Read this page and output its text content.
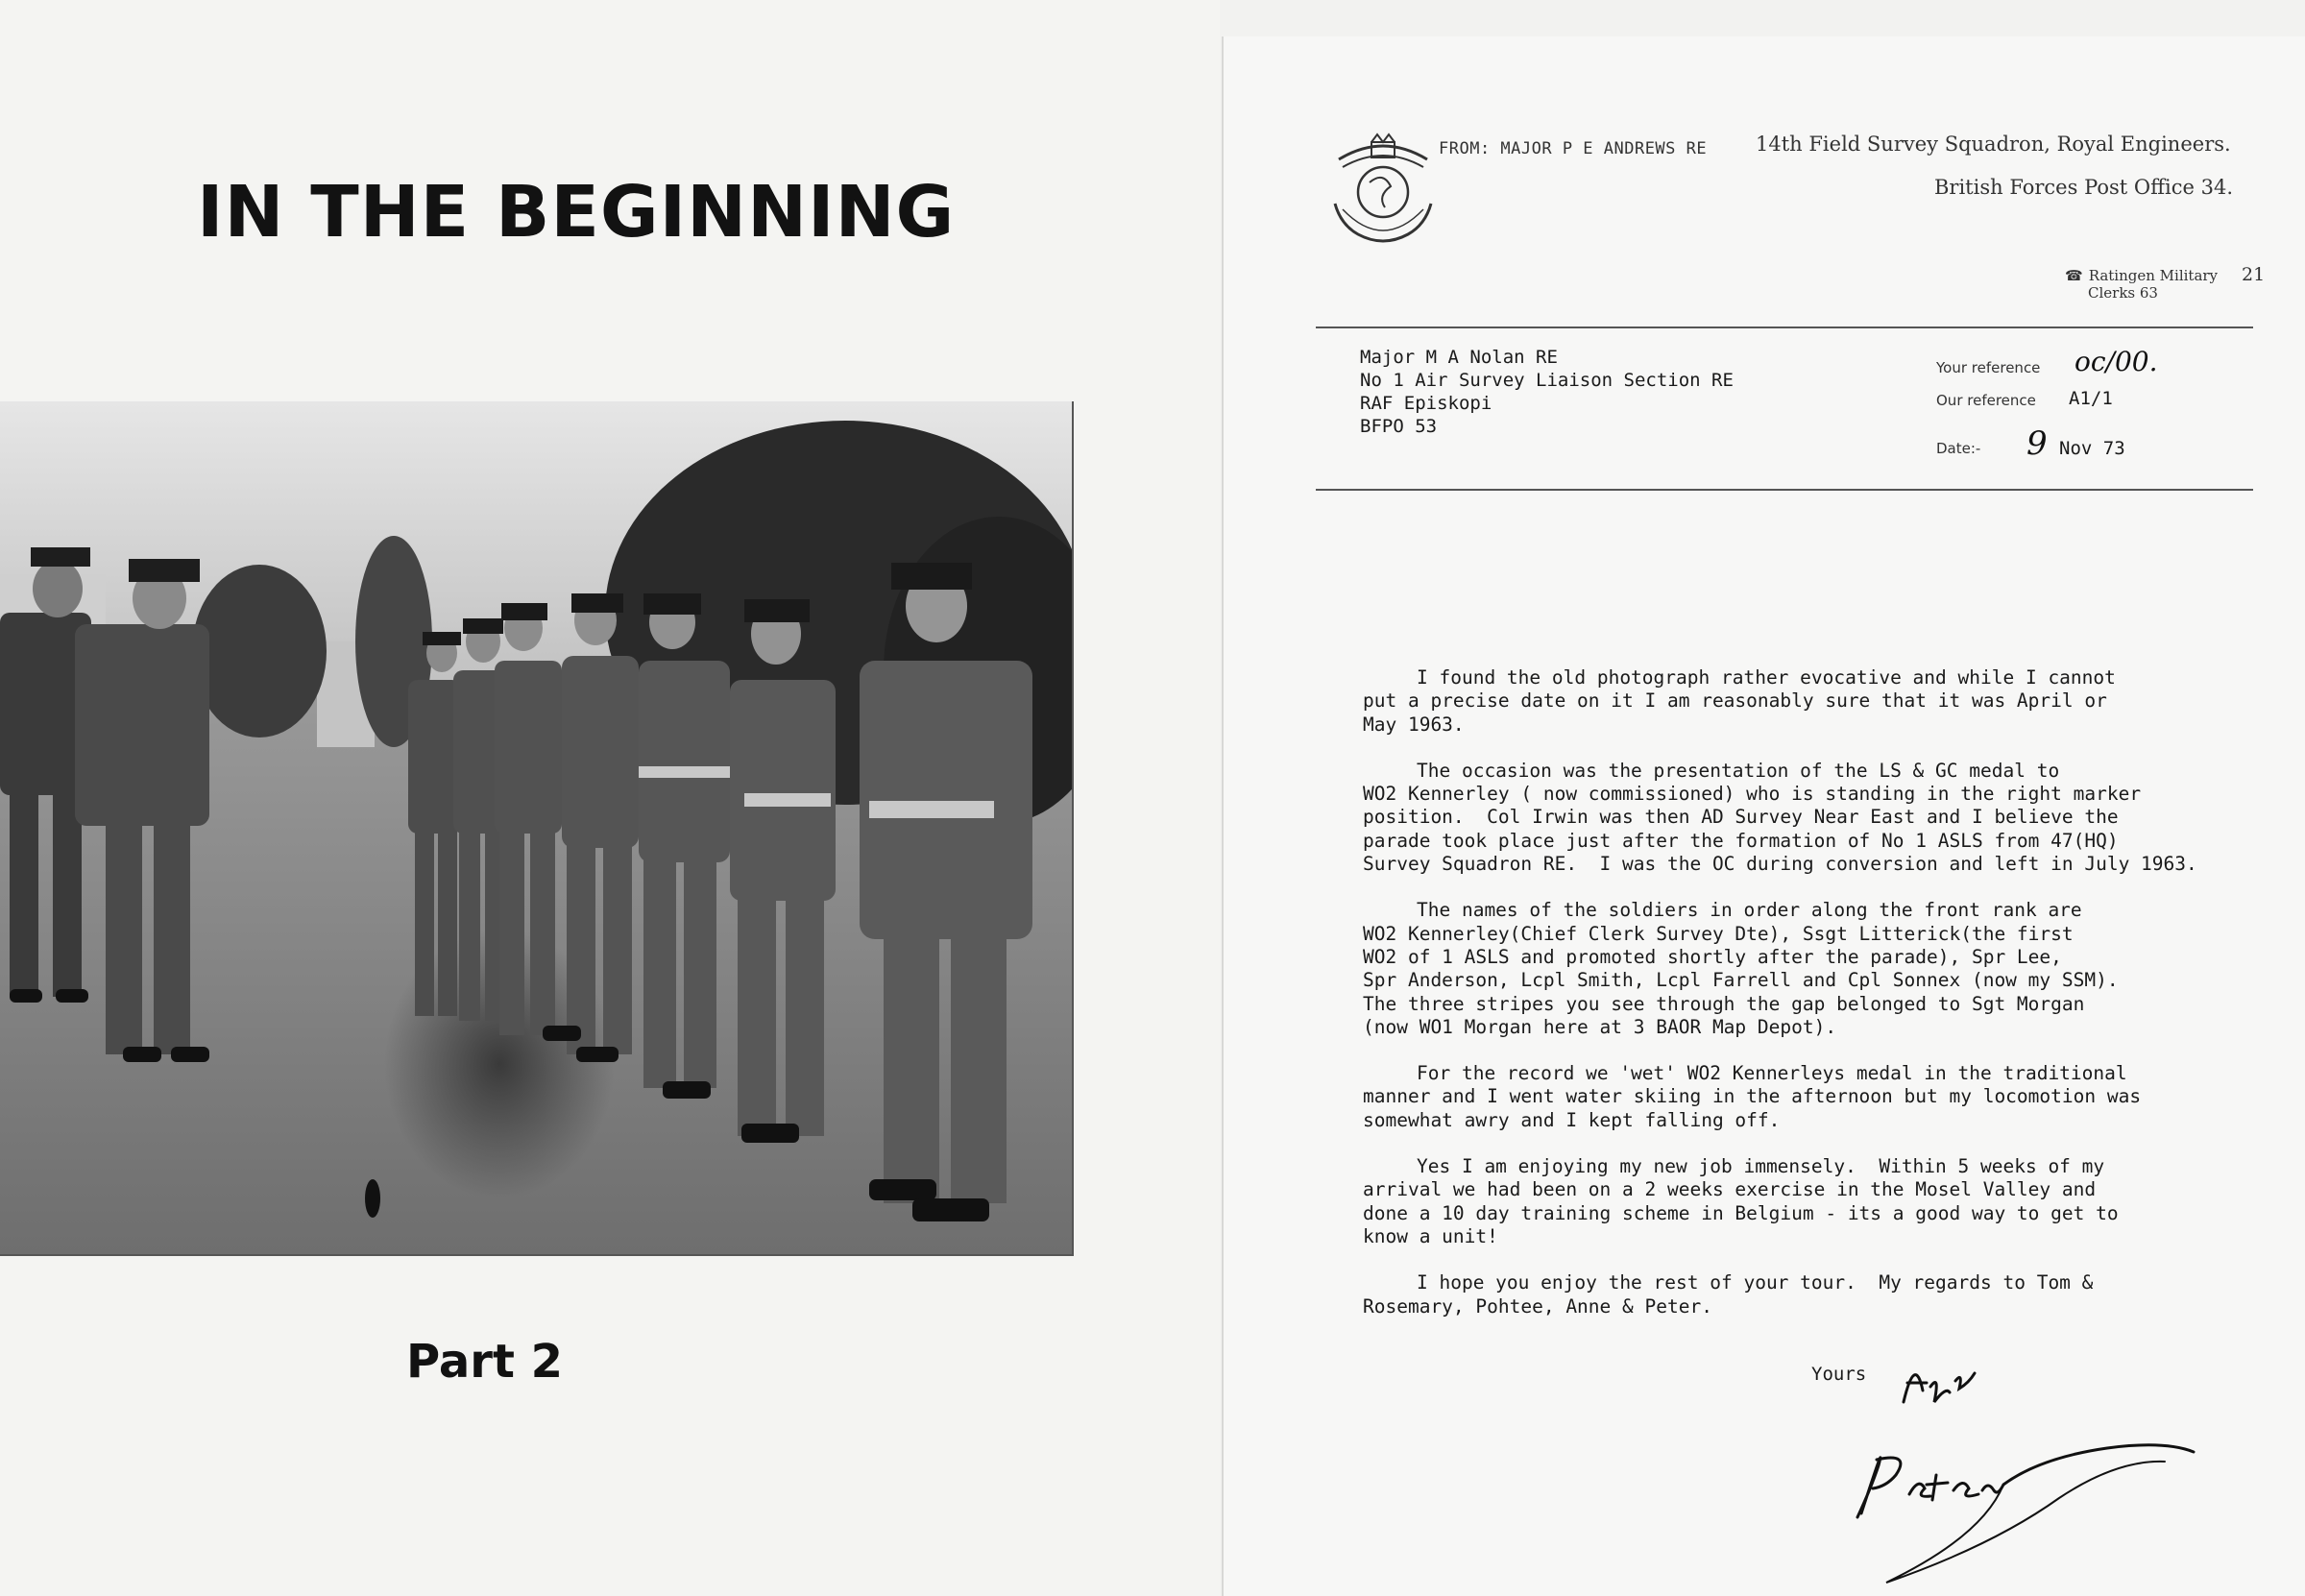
IN THE BEGINNING
Part 2
FROM: MAJOR P E ANDREWS RE 14th Field Survey Squadron, Royal Engineers.
British Forces Post Office 34.
☎ Ratingen Military
Clerks 63
21
Major M A Nolan RE
No 1 Air Survey Liaison Section RE
RAF Episkopi
BFPO 53
Your reference oc/00.
Our reference A1/1
Date:- 9 Nov 73

I found the old photograph rather evocative and while I cannot
put a precise date on it I am reasonably sure that it was April or
May 1963.

The occasion was the presentation of the LS & GC medal to
WO2 Kennerley ( now commissioned) who is standing in the right marker
position.  Col Irwin was then AD Survey Near East and I believe the
parade took place just after the formation of No 1 ASLS from 47(HQ)
Survey Squadron RE.  I was the OC during conversion and left in July 1963.

The names of the soldiers in order along the front rank are
WO2 Kennerley(Chief Clerk Survey Dte), Ssgt Litterick(the first
WO2 of 1 ASLS and promoted shortly after the parade), Spr Lee,
Spr Anderson, Lcpl Smith, Lcpl Farrell and Cpl Sonnex (now my SSM).
The three stripes you see through the gap belonged to Sgt Morgan
(now WO1 Morgan here at 3 BAOR Map Depot).

For the record we 'wet' WO2 Kennerleys medal in the traditional
manner and I went water skiing in the afternoon but my locomotion was
somewhat awry and I kept falling off.

Yes I am enjoying my new job immensely.  Within 5 weeks of my
arrival we had been on a 2 weeks exercise in the Mosel Valley and
done a 10 day training scheme in Belgium - its a good way to get to
know a unit!

I hope you enjoy the rest of your tour.  My regards to Tom &
Rosemary, Pohtee, Anne & Peter.

Yours
